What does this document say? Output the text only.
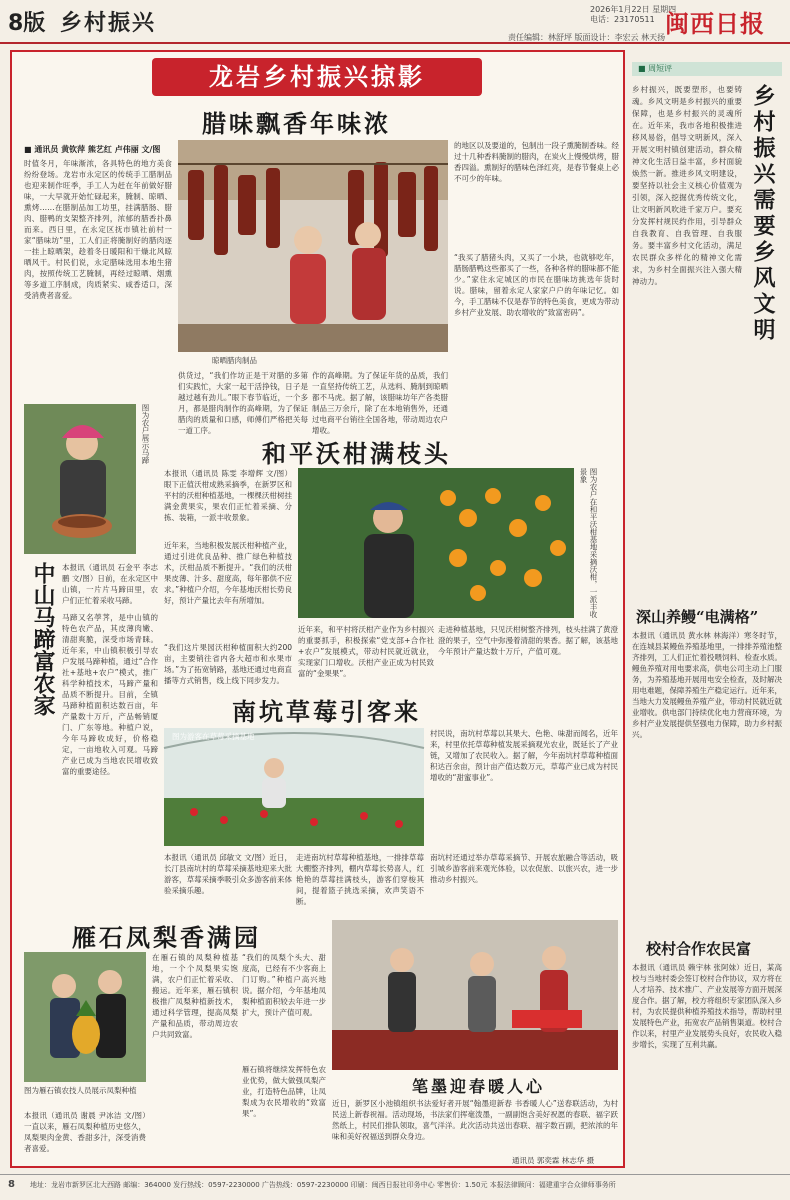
8版 乡村振兴
2026年1月22日 星期四
电话：23170511
责任编辑：林舒坪 版面设计：李宏云 林天扬 闽西日报
龙岩乡村振兴掠影
腊味飘香年味浓
■ 通讯员 黄钦萍 熊艺红 卢伟丽 文/图
时值冬月，年味渐浓，各具特色的地方美食纷纷登场。龙岩市永定区的传统手工腊制品也迎来制作旺季，手工人为赶在年前做好腊味，一大早就开始忙碌起来，腌制、晾晒、熏烤……在腊制品加工坊里，挂满腊肠、腊肉、腊鸭的支架整齐排列，浓郁的腊香扑鼻而来。西日里，在永定区抚市镇社前村一家“腊味坊”里，工人们正将腌制好的腊肉逐一挂上晾晒架，趁着冬日暖阳和干燥北风晾晒风干。村民们说，永定腊味选用本地生猪肉，按照传统工艺腌制，再经过晾晒、烟熏等多道工序制成，肉质紧实、咸香适口，深受消费者喜爱。
晾晒腊肉制品
供货过，“我们作坊正是干对腊的多第们实践忙，大家一起干活挣钱，日子是越过越有劲儿。”眼下春节临近，一个多月，都是腊肉制作的高峰期，为了保证腊肉的质量和口感，师傅们严格把关每一道工序。
作的高峰期。为了保证年货的品质，我们一直坚持传统工艺，从选料、腌制到晾晒都不马虎。据了解，该腊味坊年产各类腊制品三万余斤，除了在本地销售外，还通过电商平台销往全国各地，带动周边农户增收。
的地区以及要道的，包制出一段子熏腌制香味。经过十几种香料腌制的腊肉，在炭火上慢慢烘烤，腊香四溢。熏制好的腊味色泽红亮，是春节餐桌上必不可少的年味。
“我买了腊猪头肉，又买了一小块，也就够吃年，腊肠腊鸭这些都买了一些，各种各样的腊味都不能少。”家住永定城区的市民在腊味坊挑选年货时说。腊味，留着永定人家家户户的年味记忆。如今，手工腊味不仅是春节的特色美食，更成为带动乡村产业发展、助农增收的“致富密码”。
图为农户展示马蹄
中山马蹄富农家 本报讯（通讯员 石金平 李志鹏 文/图）日前，在永定区中山镇，一片片马蹄田里，农户们正忙着采收马蹄。
马蹄又名荸荠，是中山镇的特色农产品，其皮薄肉嫩、清甜爽脆，深受市场青睐。近年来，中山镇积极引导农户发展马蹄种植，通过“合作社+基地+农户”模式，推广科学种植技术，马蹄产量和品质不断提升。目前，全镇马蹄种植面积达数百亩，年产量数十万斤，产品畅销厦门、广东等地。种植户说，今年马蹄收成好，价格稳定，一亩地收入可观。马蹄产业已成为当地农民增收致富的重要途径。
和平沃柑满枝头
本报讯（通讯员 陈雯 李增辉 文/图）眼下正值沃柑成熟采摘季，在新罗区和平村的沃柑种植基地，一棵棵沃柑树挂满金黄果实，果农们正忙着采摘、分拣、装箱，一派丰收景象。
近年来，当地积极发展沃柑种植产业，通过引进优良品种、推广绿色种植技术，沃柑品质不断提升。“我们的沃柑果皮薄、汁多、甜度高，每年都供不应求。”种植户介绍，今年基地沃柑长势良好，预计产量比去年有所增加。
“我们这片果园沃柑种植面积大约200亩，主要销往省内各大超市和水果市场。”为了拓宽销路，基地还通过电商直播等方式销售，线上线下同步发力。
图为农户在和平沃柑基地采摘沃柑，一派丰收景象
近年来，和平村将沃柑产业作为乡村振兴的重要抓手，积极探索“党支部+合作社+农户”发展模式，带动村民就近就业，实现家门口增收。沃柑产业正成为村民致富的“金果果”。
走进种植基地，只见沃柑树整齐排列，枝头挂满了黄澄澄的果子，空气中弥漫着清甜的果香。据了解，该基地今年预计产量达数十万斤，产值可观。
南坑草莓引客来
图为游客在草莓采摘基地
本报讯（通讯员 邱敏文 文/图）近日，长汀县南坑村的草莓采摘基地迎来大批游客，草莓采摘季吸引众多游客前来体验采摘乐趣。
走进南坑村草莓种植基地，一排排草莓大棚整齐排列，棚内草莓长势喜人，红艳艳的草莓挂满枝头，游客们穿梭其间，提着篮子挑选采摘，欢声笑语不断。
村民说，南坑村草莓以其果大、色艳、味甜而闻名，近年来，村里依托草莓种植发展采摘观光农业，既延长了产业链，又增加了农民收入。据了解，今年南坑村草莓种植面积达百余亩，预计亩产值达数万元，草莓产业已成为村民增收的“甜蜜事业”。
南坑村还通过举办草莓采摘节、开展农旅融合等活动，吸引城乡游客前来观光体验，以农促旅、以旅兴农，进一步推动乡村振兴。
雁石凤梨香满园
图为雁石镇农技人员展示凤梨种植
本报讯（通讯员 谢晨 尹冰洁 文/图）一直以来，雁石凤梨种植历史悠久，凤梨果肉金黄、香甜多汁，深受消费者喜爱。
在雁石镇的凤梨种植基地，一个个凤梨果实饱满，农户们正忙着采收、搬运。近年来，雁石镇积极推广凤梨种植新技术，通过科学管理，提高凤梨产量和品质，带动周边农户共同致富。
“我们的凤梨个头大、甜度高，已经有不少客商上门订购。”种植户高兴地说。据介绍，今年基地凤梨种植面积较去年进一步扩大，预计产值可观。
雁石镇将继续发挥特色农业优势，做大做强凤梨产业，打造特色品牌，让凤梨成为农民增收的“致富果”。
笔墨迎春暖人心
近日，新罗区小池镇组织书法爱好者开展“翰墨迎新春 书香暖人心”送春联活动，为村民送上新春祝福。活动现场，书法家们挥毫泼墨，一副副饱含美好祝愿的春联、福字跃然纸上，村民们排队领取，喜气洋洋。此次活动共送出春联、福字数百副，把浓浓的年味和美好祝福送到群众身边。
通讯员 郭奕霖 林志华 摄
■ 周短评
乡村振兴需要乡风文明
乡村振兴，既要塑形，也要铸魂。乡风文明是乡村振兴的重要保障，也是乡村振兴的灵魂所在。近年来，我市各地积极推进移风易俗，倡导文明新风，深入开展文明村镇创建活动，群众精神文化生活日益丰富，乡村面貌焕然一新。推进乡风文明建设，要坚持以社会主义核心价值观为引领，深入挖掘优秀传统文化，让文明新风吹进千家万户。要充分发挥村规民约作用，引导群众自我教育、自我管理、自我服务。要丰富乡村文化活动，满足农民群众多样化的精神文化需求，为乡村全面振兴注入强大精神动力。
深山养鳗“电满格”
本报讯（通讯员 黄水林 林海洋）寒冬时节，在连城县某鳗鱼养殖基地里，一排排养殖池整齐排列，工人们正忙着投喂饲料、检查水质。鳗鱼养殖对用电要求高，供电公司主动上门服务，为养殖基地开展用电安全检查，及时解决用电难题，保障养殖生产稳定运行。近年来，当地大力发展鳗鱼养殖产业，带动村民就近就业增收。供电部门持续优化电力营商环境，为乡村产业发展提供坚强电力保障，助力乡村振兴。
校村合作农民富
本报讯（通讯员 赖宇林 张阿妹）近日，某高校与当地村委会签订校村合作协议，双方将在人才培养、技术推广、产业发展等方面开展深度合作。据了解，校方将组织专家团队深入乡村，为农民提供种植养殖技术指导，帮助村里发展特色产业，拓宽农产品销售渠道。校村合作以来，村里产业发展势头良好，农民收入稳步增长，实现了互利共赢。
8 地址：龙岩市新罗区北大西路 邮编：364000 发行热线：0597-2230000 广告热线：0597-2230000 印刷：闽西日报社印务中心 零售价：1.50元 本报法律顾问：福建重宇合众律师事务所
